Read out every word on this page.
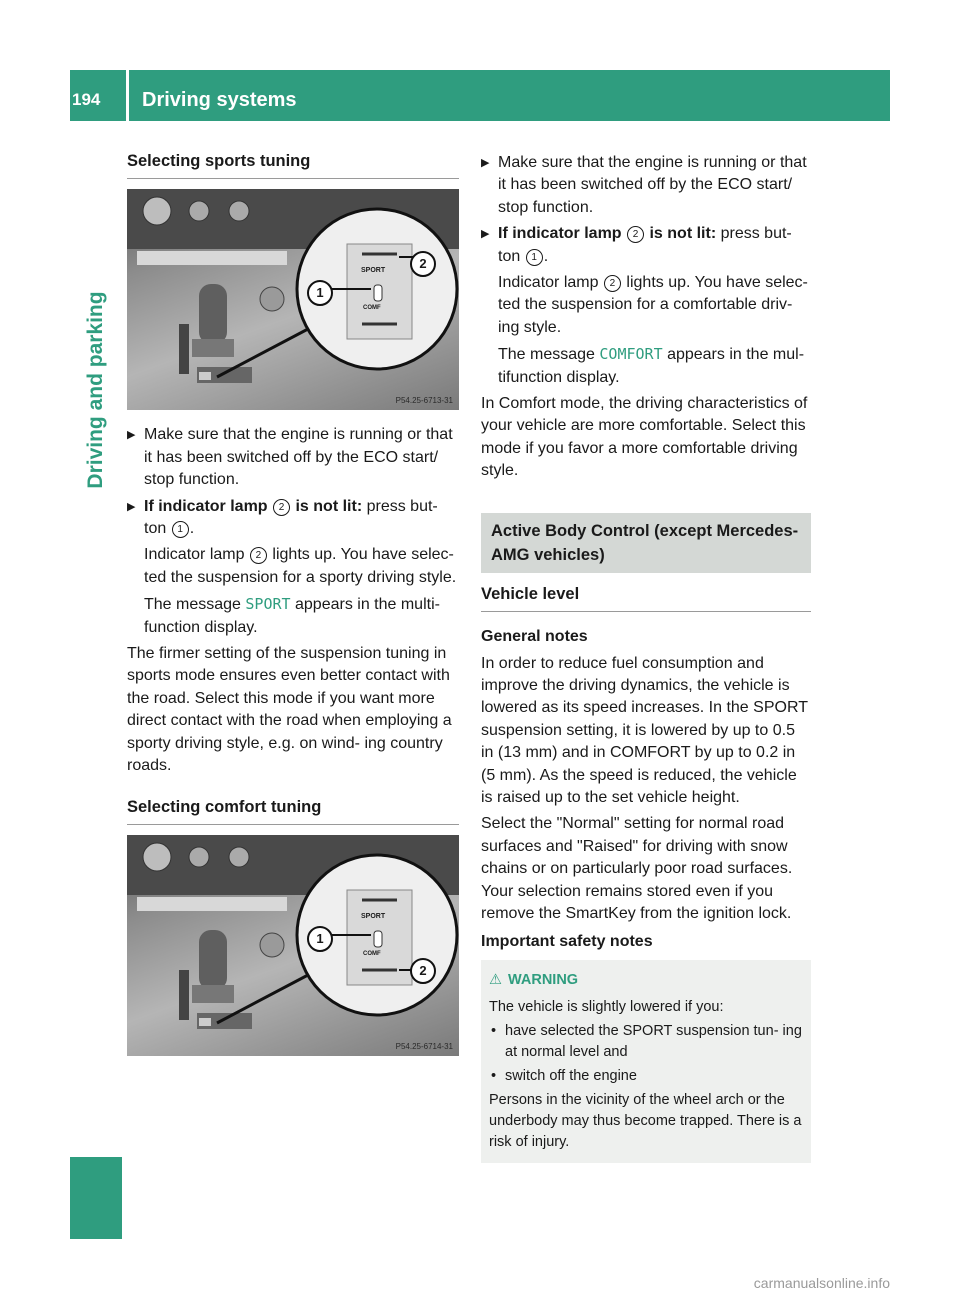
194	Driving systems
Driving and parking
Selecting sports tuning
SPORT
COMF
1
2
P54.25-6713-31
▶ Make sure that the engine is running or that it has been switched off by the ECO start/ stop function.

▶ If indicator lamp 2 is not lit: press but- ton 1 .

Indicator lamp 2 lights up. You have selec- ted the suspension for a sporty driving style.

The message SPORT appears in the multi- function display.

The firmer setting of the suspension tuning in sports mode ensures even better contact with the road. Select this mode if you want more direct contact with the road when employing a sporty driving style, e.g. on wind- ing country roads.

Selecting comfort tuning
SPORT
COMF
1
2
P54.25-6714-31
▶ Make sure that the engine is running or that it has been switched off by the ECO start/ stop function.

▶ If indicator lamp 2 is not lit: press but- ton 1 .

Indicator lamp 2 lights up. You have selec- ted the suspension for a comfortable driv- ing style.

The message COMFORT appears in the mul- tifunction display.

In Comfort mode, the driving characteristics of your vehicle are more comfortable. Select this mode if you favor a more comfortable driving style.

Active Body Control (except Mercedes-AMG vehicles)
Vehicle level
General notes

In order to reduce fuel consumption and improve the driving dynamics, the vehicle is lowered as its speed increases. In the SPORT suspension setting, it is lowered by up to 0.5 in (13 mm) and in COMFORT by up to 0.2 in (5 mm). As the speed is reduced, the vehicle is raised up to the set vehicle height.

Select the "Normal" setting for normal road surfaces and "Raised" for driving with snow chains or on particularly poor road surfaces. Your selection remains stored even if you remove the SmartKey from the ignition lock.

Important safety notes
⚠ WARNING
The vehicle is slightly lowered if you:
• have selected the SPORT suspension tun- ing at normal level and
• switch off the engine
Persons in the vicinity of the wheel arch or the underbody may thus become trapped. There is a risk of injury.
carmanualsonline.info
